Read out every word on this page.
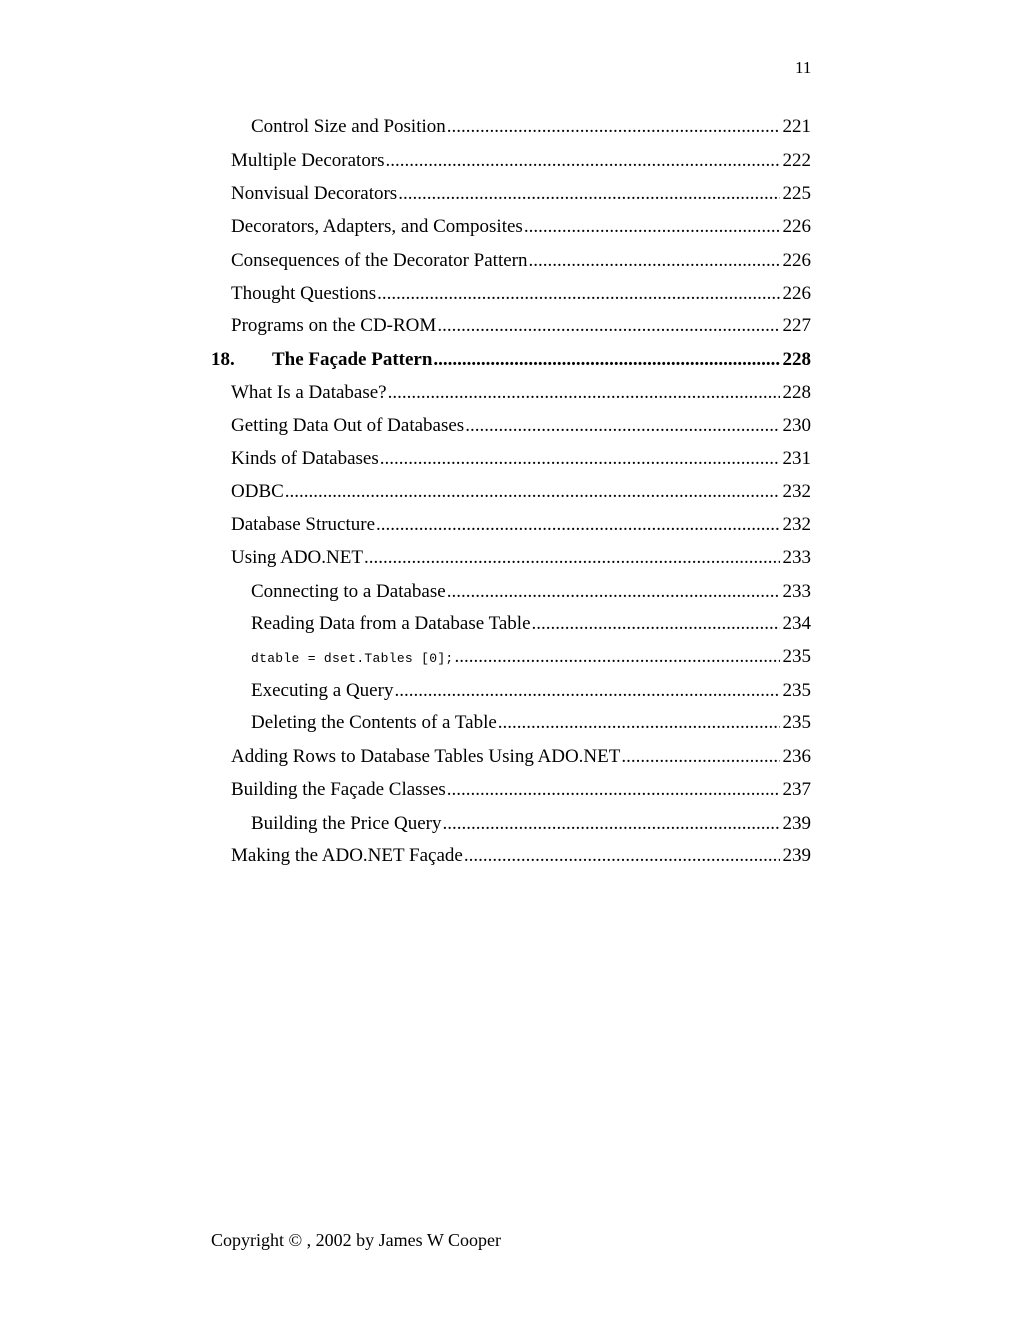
11
Control Size and Position .....	221
Multiple Decorators .....	222
Nonvisual Decorators .....	225
Decorators, Adapters, and Composites .....	226
Consequences of the Decorator Pattern .....	226
Thought Questions .....	226
Programs on the CD-ROM .....	227
18.	The Façade Pattern .....	228
What Is a Database? .....	228
Getting Data Out of Databases .....	230
Kinds of Databases .....	231
ODBC .....	232
Database Structure .....	232
Using ADO.NET .....	233
Connecting to a Database .....	233
Reading Data from a Database Table .....	234
dtable = dset.Tables [0]; .....	235
Executing a Query .....	235
Deleting the Contents of a Table .....	235
Adding Rows to Database Tables Using ADO.NET .....	236
Building the Façade Classes .....	237
Building the Price Query .....	239
Making the ADO.NET Façade .....	239
Copyright © , 2002 by James W Cooper
